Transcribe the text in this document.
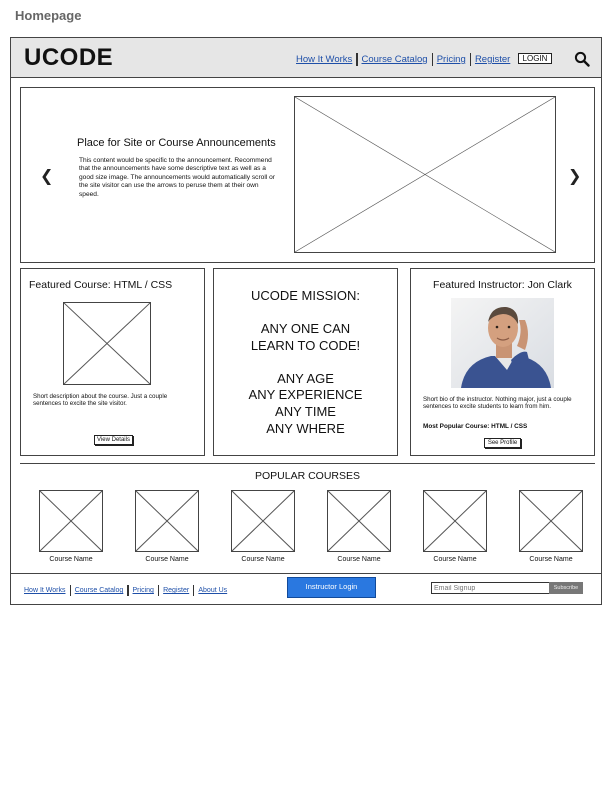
Homepage
UCODE	How It Works Course Catalog Pricing Register	LOGIN
❮	❯
Place for Site or Course Announcements
This content would be specific to the announcement. Recommend that the announcements have some descriptive text as well as a good size image. The announcements would automatically scroll or the site visitor can use the arrows to peruse them at their own speed.
Featured Course: HTML / CSS
Short description about the course. Just a couple sentences to excite the site visitor.
View Details
UCODE MISSION:
ANY ONE CAN
LEARN TO CODE!
ANY AGE
ANY EXPERIENCE
ANY TIME
ANY WHERE
Featured Instructor: Jon Clark
Short bio of the instructor. Nothing major, just a couple sentences to excite students to learn from him.
Most Popular Course: HTML / CSS
See Profile
POPULAR COURSES
Course Name	Course Name	Course Name	Course Name	Course Name	Course Name
How It Works Course Catalog Pricing Register About Us	Instructor Login
Email Signup	Subscribe
